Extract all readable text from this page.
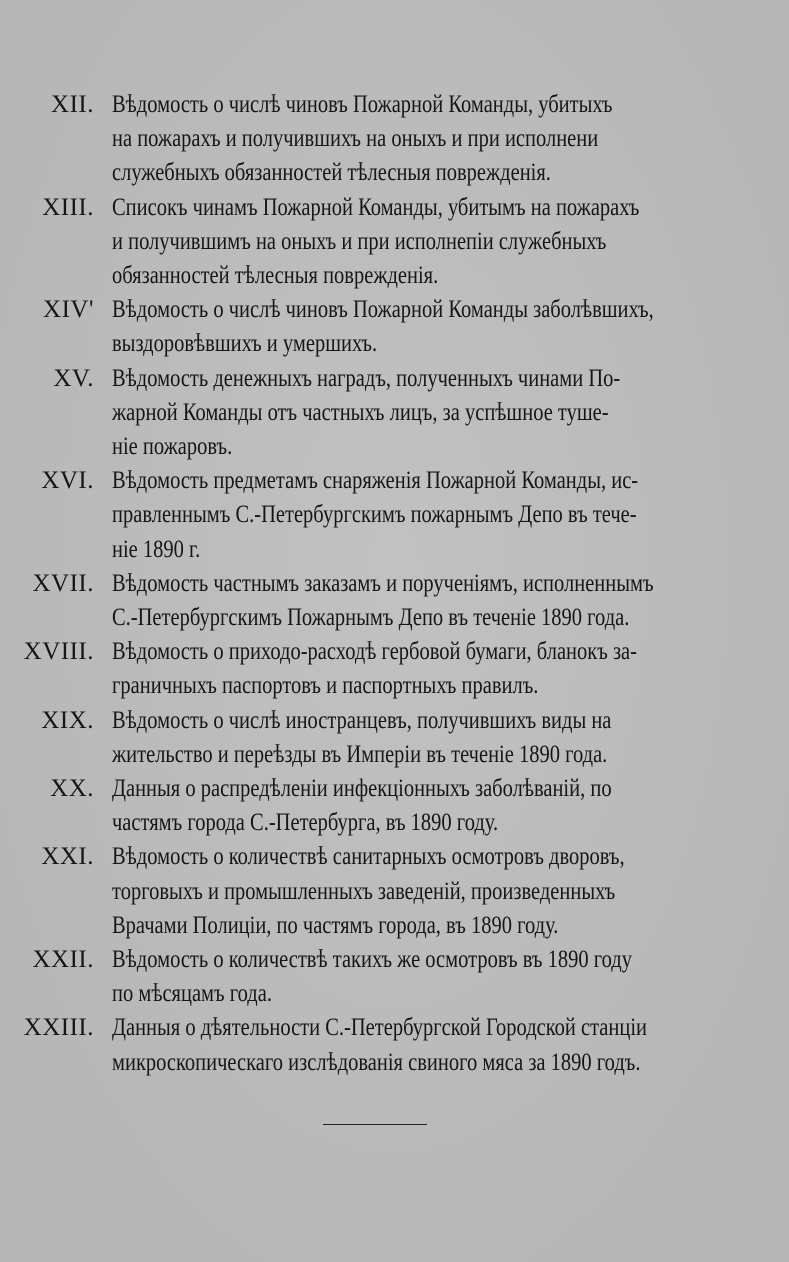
XII. Вѣдомость о числѣ чиновъ Пожарной Команды, убитыхъ
на пожарахъ и получившихъ на оныхъ и при исполнени
служебныхъ обязанностей тѣлесныя поврежденія.
XIII. Списокъ чинамъ Пожарной Команды, убитымъ на пожарахъ
и получившимъ на оныхъ и при исполнепіи служебныхъ
обязанностей тѣлесныя поврежденія.
XIV' Вѣдомость о числѣ чиновъ Пожарной Команды заболѣвшихъ,
выздоровѣвшихъ и умершихъ.
XV. Вѣдомость денежныхъ наградъ, полученныхъ чинами По-
жарной Команды отъ частныхъ лицъ, за успѣшное туше-
ніе пожаровъ.
XVI. Вѣдомость предметамъ снаряженія Пожарной Команды, ис-
правленнымъ С.-Петербургскимъ пожарнымъ Депо въ тече-
ніе 1890 г.
XVII. Вѣдомость частнымъ заказамъ и порученіямъ, исполненнымъ
С.-Петербургскимъ Пожарнымъ Депо въ теченіе 1890 года.
XVIII. Вѣдомость о приходо-расходѣ гербовой бумаги, бланокъ за-
граничныхъ паспортовъ и паспортныхъ правилъ.
XIX. Вѣдомость о числѣ иностранцевъ, получившихъ виды на
жительство и переѣзды въ Имперіи въ теченіе 1890 года.
XX. Данныя о распредѣленіи инфекціонныхъ заболѣваній, по
частямъ города С.-Петербурга, въ 1890 году.
XXI. Вѣдомость о количествѣ санитарныхъ осмотровъ дворовъ,
торговыхъ и промышленныхъ заведеній, произведенныхъ
Врачами Полиціи, по частямъ города, въ 1890 году.
XXII. Вѣдомость о количествѣ такихъ же осмотровъ въ 1890 году
по мѣсяцамъ года.
XXIII. Данныя о дѣятельности С.-Петербургской Городской станціи
микроскопическаго изслѣдованія свиного мяса за 1890 годъ.
